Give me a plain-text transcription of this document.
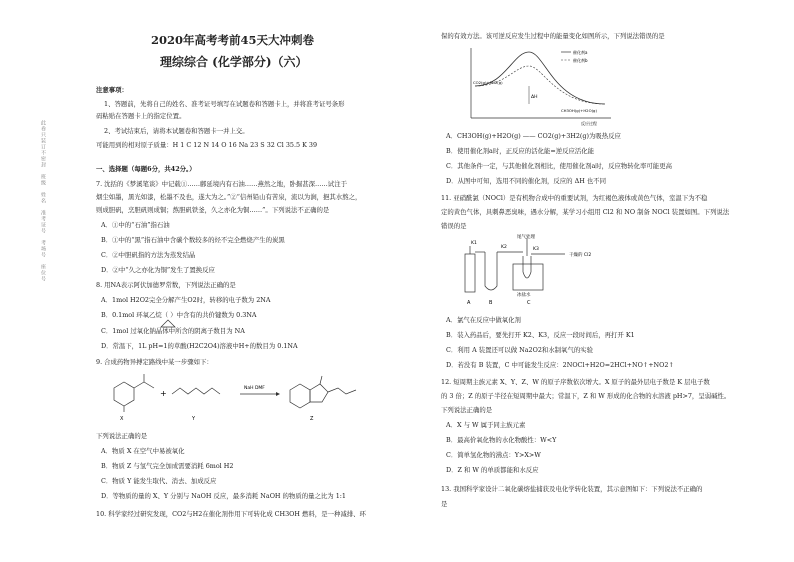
此卷只装订不密封　班级　姓名　准考证号　考场号　座位号
2020年高考考前45天大冲刺卷
理综综合 (化学部分)（六）
注意事项：
1、答题前，先将自己的姓名、准考证号填写在试题卷和答题卡上，并将准考证号条形
码粘贴在答题卡上的指定位置。
2、考试结束后，请将本试题卷和答题卡一并上交。
可能用到的相对原子质量：H 1 C 12 N 14 O 16 Na 23 S 32 Cl 35.5 K 39
一、选择题（每题6分，共42分。）
7. 沈括的《梦溪笔谈》中记载①……鄜延境内有石油……燕然之地，卧掘甚深……试注于
烟尘如墨，黑光如漆，松墨不及也，遂大为之。”②“信州铅山有苦泉，流以为涧，挹其水熬之，
则成胆矾，烹胆矾则成铜；熬胆矾铁釜，久之亦化为铜……”。下列说法不正确的是
A．①中的“石油”指石油
B．①中的“黑”指石油中含碳个数较多的烃不完全燃烧产生的炭黑
C．②中胆矾指的方法为蒸发结晶
D．②中“久之亦化为铜”发生了置换反应
8. 用NA表示阿伏加德罗常数，下列说法正确的是
A．1mol H2O2完全分解产生O2时，转移的电子数为 2NA
B．0.1mol 环氧乙烷（ ）中含有的共价键数为 0.3NA
C．1mol 过氧化钠晶体中所含的阴离子数目为 NA
D．常温下，1L pH=1的草酸(H2C2O4)溶液中H+的数目为 0.1NA
9. 合成药物异搏定路线中某一步骤如下：
X
+
Y
NaH DMF
Z
下列说法正确的是
A．物质 X 在空气中易被氧化
B．物质 Z 与氢气完全加成需要消耗 6mol H2
C．物质 Y 能发生取代、消去、加成反应
D．等物质的量的 X、Y 分别与 NaOH 反应，最多消耗 NaOH 的物质的量之比为 1:1
10. 科学家经过研究发现，CO2与H2在催化剂作用下可转化成 CH3OH 燃料，是一种减排、环
保的有效方法。该可逆反应发生过程中的能量变化如图所示，下列说法错误的是
ΔH
CO2(g)+3H2(g)
CH3OH(g)+H2O(g)
催化剂a
催化剂b
反应过程
A．CH3OH(g)+H2O(g) —— CO2(g)+3H2(g)为吸热反应
B．使用催化剂a时，正反应的活化能=逆反应活化能
C．其他条件一定，与其他催化剂相比，使用催化剂a时，反应物转化率可能更高
D．从图中可知，选用不同的催化剂，反应的 ΔH 也不同
11. 亚硝酰氯（NOCl）是有机物合成中的重要试剂，为红褐色液体或黄色气体，室温下为不稳
定的黄色气体，具刺鼻恶臭味，遇水分解，某学习小组用 Cl2 和 NO 制备 NOCl 装置如图。下列说法
错误的是
K1
K2	K3
尾气处理
干燥的 Cl2
冰盐水
A	B	C
A．氯气在反应中做氧化剂
B．装入药品后，要先打开 K2、K3，反应一段时间后，再打开 K1
C．利用 A 装置还可以做 Na2O2和水制氧气的实验
D．若没有 B 装置，C 中可能发生反应：2NOCl+H2O=2HCl+NO↑+NO2↑
12. 短周期主族元素 X、Y、Z、W 的原子序数依次增大。X 原子的最外层电子数是 K 层电子数
的 3 倍；Z 的原子半径在短周期中最大；常温下，Z 和 W 形成的化合物的水溶液 pH>7，呈弱碱性。
下列说法正确的是
A．X 与 W 属于同主族元素
B．最高价氧化物的水化物酸性：W<Y
C．简单氢化物的沸点：Y>X>W
D．Z 和 W 的单质都能和水反应
13. 我国科学家设计二氧化碳熔盐捕获及电化学转化装置，其示意图如下：下列说法不正确的
是
